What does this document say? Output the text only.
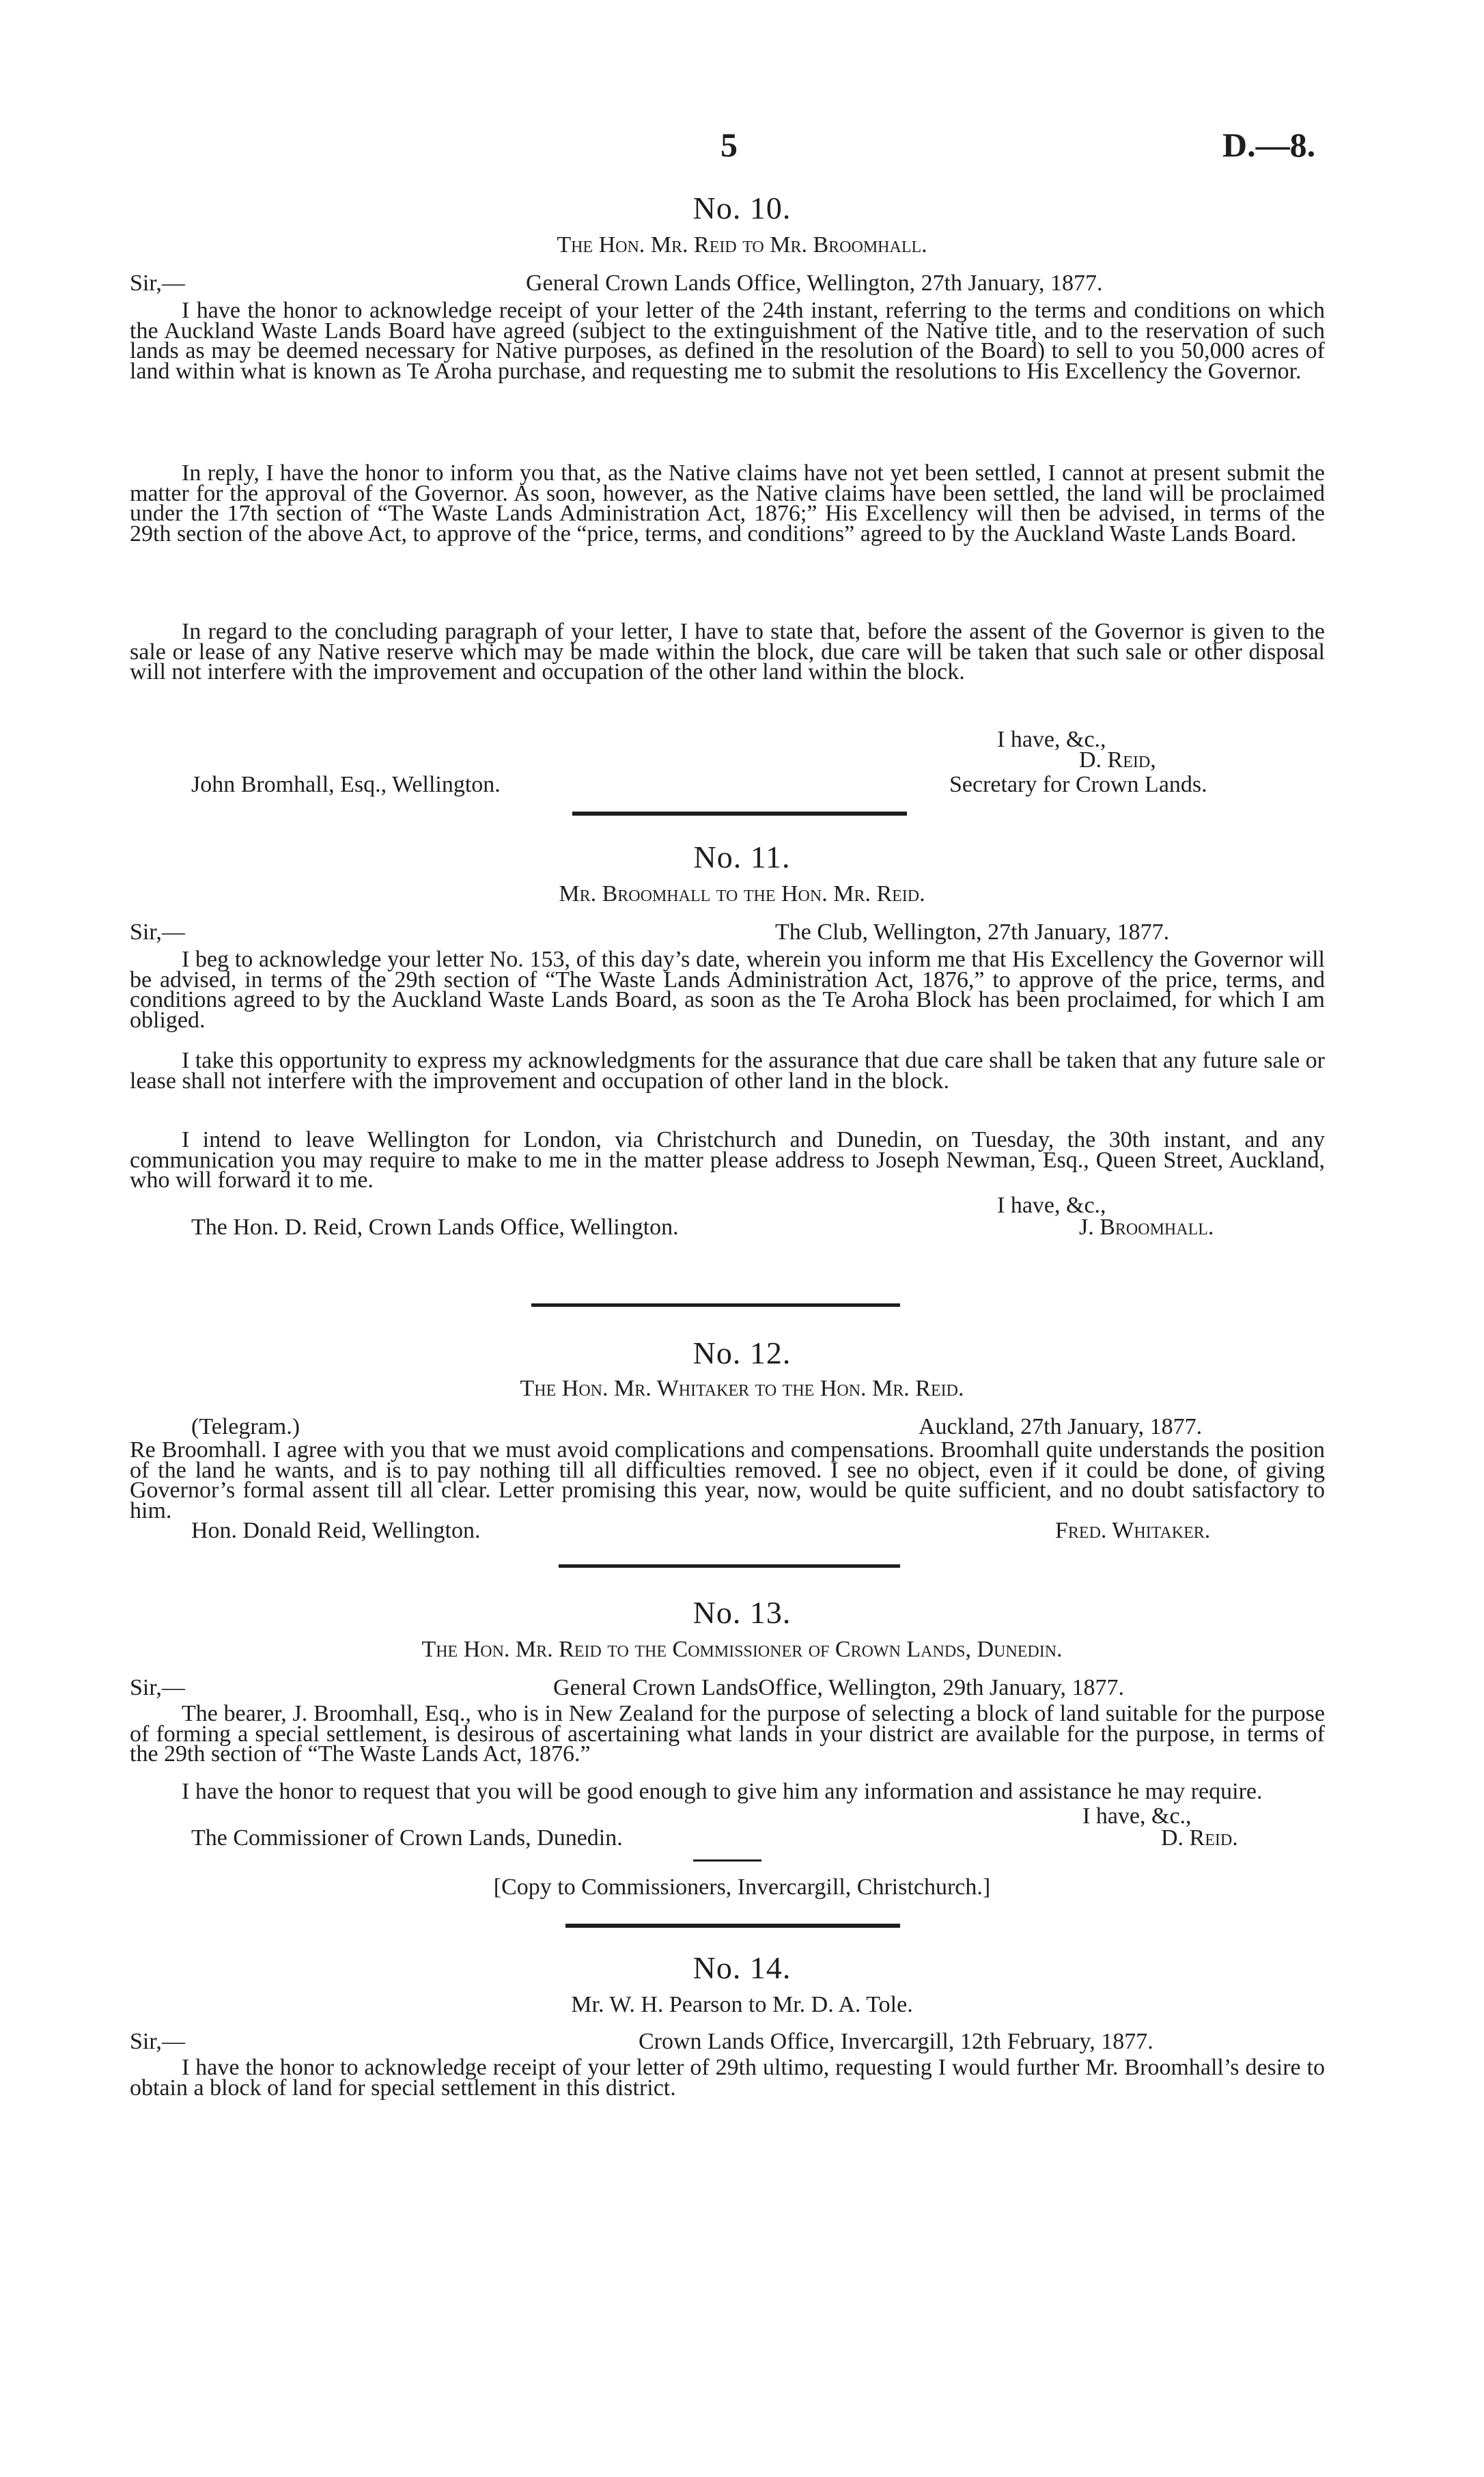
5	D.—8.
No. 10.
The Hon. Mr. Reid to Mr. Broomhall.
Sir,—	General Crown Lands Office, Wellington, 27th January, 1877.
I have the honor to acknowledge receipt of your letter of the 24th instant, referring to the terms and conditions on which the Auckland Waste Lands Board have agreed (subject to the extinguishment of the Native title, and to the reservation of such lands as may be deemed necessary for Native purposes, as defined in the resolution of the Board) to sell to you 50,000 acres of land within what is known as Te Aroha purchase, and requesting me to submit the resolutions to His Excellency the Governor.
In reply, I have the honor to inform you that, as the Native claims have not yet been settled, I cannot at present submit the matter for the approval of the Governor. As soon, however, as the Native claims have been settled, the land will be proclaimed under the 17th section of “The Waste Lands Administration Act, 1876;” His Excellency will then be advised, in terms of the 29th section of the above Act, to approve of the “price, terms, and conditions” agreed to by the Auckland Waste Lands Board.
In regard to the concluding paragraph of your letter, I have to state that, before the assent of the Governor is given to the sale or lease of any Native reserve which may be made within the block, due care will be taken that such sale or other disposal will not interfere with the improvement and occupation of the other land within the block.
I have, &c.,
D. Reid,
John Bromhall, Esq., Wellington.	Secretary for Crown Lands.
No. 11.
Mr. Broomhall to the Hon. Mr. Reid.
Sir,—	The Club, Wellington, 27th January, 1877.
I beg to acknowledge your letter No. 153, of this day’s date, wherein you inform me that His Excellency the Governor will be advised, in terms of the 29th section of “The Waste Lands Administration Act, 1876,” to approve of the price, terms, and conditions agreed to by the Auckland Waste Lands Board, as soon as the Te Aroha Block has been proclaimed, for which I am obliged.
I take this opportunity to express my acknowledgments for the assurance that due care shall be taken that any future sale or lease shall not interfere with the improvement and occupation of other land in the block.
I intend to leave Wellington for London, via Christchurch and Dunedin, on Tuesday, the 30th instant, and any communication you may require to make to me in the matter please address to Joseph Newman, Esq., Queen Street, Auckland, who will forward it to me.
I have, &c.,
The Hon. D. Reid, Crown Lands Office, Wellington.	J. Broomhall.
No. 12.
The Hon. Mr. Whitaker to the Hon. Mr. Reid.
(Telegram.)	Auckland, 27th January, 1877.
Re Broomhall. I agree with you that we must avoid complications and compensations. Broomhall quite understands the position of the land he wants, and is to pay nothing till all difficulties removed. I see no object, even if it could be done, of giving Governor’s formal assent till all clear. Letter promising this year, now, would be quite sufficient, and no doubt satisfactory to him.
Hon. Donald Reid, Wellington.	Fred. Whitaker.
No. 13.
The Hon. Mr. Reid to the Commissioner of Crown Lands, Dunedin.
Sir,—	General Crown LandsOffice, Wellington, 29th January, 1877.
The bearer, J. Broomhall, Esq., who is in New Zealand for the purpose of selecting a block of land suitable for the purpose of forming a special settlement, is desirous of ascertaining what lands in your district are available for the purpose, in terms of the 29th section of “The Waste Lands Act, 1876.”
I have the honor to request that you will be good enough to give him any information and assistance he may require.
I have, &c.,
The Commissioner of Crown Lands, Dunedin.	D. Reid.
[Copy to Commissioners, Invercargill, Christchurch.]
No. 14.
Mr. W. H. Pearson to Mr. D. A. Tole.
Sir,—	Crown Lands Office, Invercargill, 12th February, 1877.
I have the honor to acknowledge receipt of your letter of 29th ultimo, requesting I would further Mr. Broomhall’s desire to obtain a block of land for special settlement in this district.
